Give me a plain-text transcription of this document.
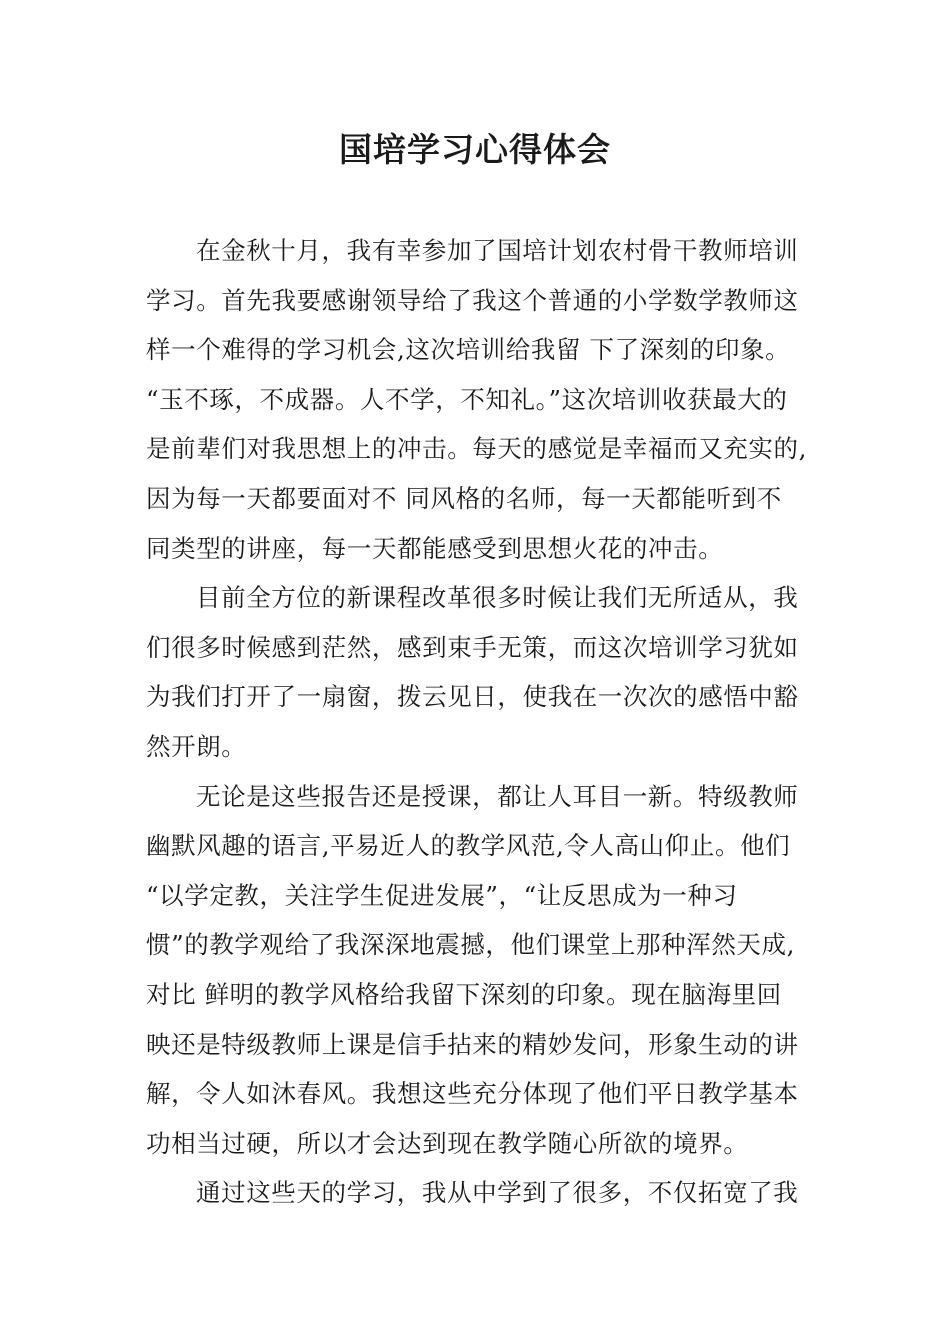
国培学习心得体会
在金秋十月，我有幸参加了国培计划农村骨干教师培训
学习。首先我要感谢领导给了我这个普通的小学数学教师这
样一个难得的学习机会,这次培训给我留 下了深刻的印象。
“玉不琢，不成器。人不学，不知礼。”这次培训收获最大的
是前辈们对我思想上的冲击。每天的感觉是幸福而又充实的,
因为每一天都要面对不 同风格的名师，每一天都能听到不
同类型的讲座，每一天都能感受到思想火花的冲击。
目前全方位的新课程改革很多时候让我们无所适从，我
们很多时候感到茫然，感到束手无策，而这次培训学习犹如
为我们打开了一扇窗，拨云见日，使我在一次次的感悟中豁
然开朗。
无论是这些报告还是授课，都让人耳目一新。特级教师
幽默风趣的语言,平易近人的教学风范,令人高山仰止。他们
“以学定教，关注学生促进发展”，“让反思成为一种习
惯”的教学观给了我深深地震撼，他们课堂上那种浑然天成,
对比 鲜明的教学风格给我留下深刻的印象。现在脑海里回
映还是特级教师上课是信手拈来的精妙发问，形象生动的讲
解，令人如沐春风。我想这些充分体现了他们平日教学基本
功相当过硬，所以才会达到现在教学随心所欲的境界。
通过这些天的学习，我从中学到了很多，不仅拓宽了我
